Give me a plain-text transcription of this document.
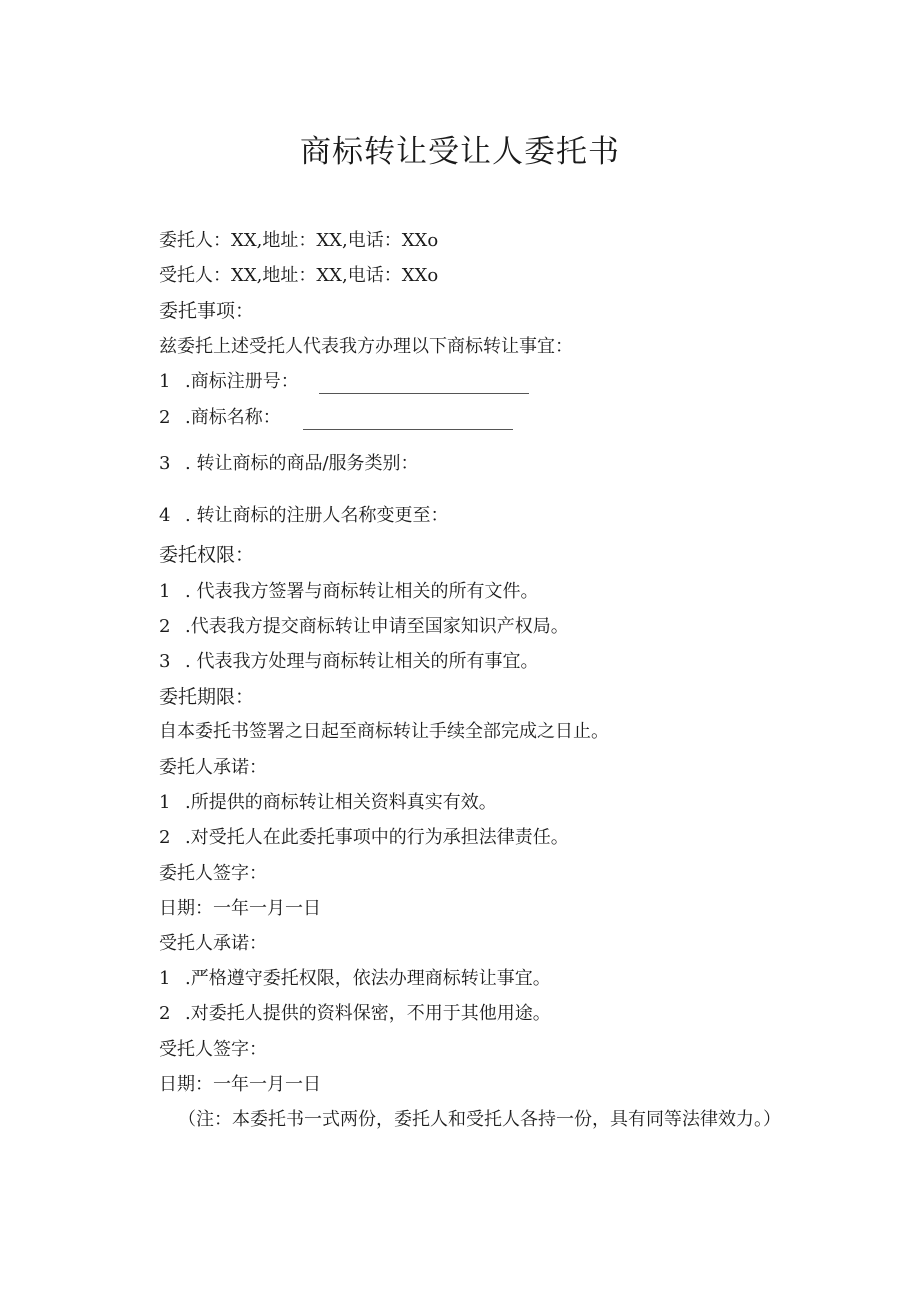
商标转让受让人委托书

委托人：XX,地址：XX,电话：XXo

受托人：XX,地址：XX,电话：XXo

委托事项：

兹委托上述受托人代表我方办理以下商标转让事宜：

1 .商标注册号：

2 .商标名称：

3 . 转让商标的商品/服务类别：

4 . 转让商标的注册人名称变更至：

委托权限：

1 . 代表我方签署与商标转让相关的所有文件。

2 .代表我方提交商标转让申请至国家知识产权局。

3 . 代表我方处理与商标转让相关的所有事宜。

委托期限：

自本委托书签署之日起至商标转让手续全部完成之日止。

委托人承诺：

1 .所提供的商标转让相关资料真实有效。

2 .对受托人在此委托事项中的行为承担法律责任。

委托人签字：

日期：一年一月一日

受托人承诺：

1 .严格遵守委托权限，依法办理商标转让事宜。

2 .对委托人提供的资料保密，不用于其他用途。

受托人签字：

日期：一年一月一日

（注：本委托书一式两份，委托人和受托人各持一份，具有同等法律效力。）
